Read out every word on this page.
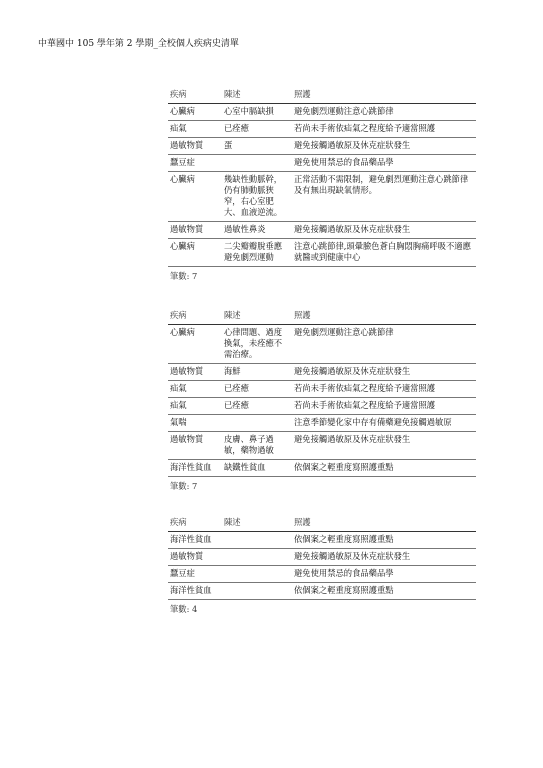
中華國中 105 學年第 2 學期_全校個人疾病史清單
疾病	陳述	照護
心臟病	心室中膈缺損	避免劇烈運動注意心跳節律
疝氣	已痊癒	若尚未手術依疝氣之程度給予適當照護
過敏物質	蛋	避免接觸過敏原及休克症狀發生
蠶豆症		避免使用禁忌的食品藥品學
心臟病	幾缺性動脈幹，仍有肺動脈狹窄，右心室肥大、血液逆流。	正常活動不需限制，避免劇烈運動注意心跳節律及有無出現缺氧情形。
過敏物質	過敏性鼻炎	避免接觸過敏原及休克症狀發生
心臟病	二尖瓣瓣脫垂應避免劇烈運動	注意心跳節律,頭暈臉色蒼白胸悶胸痛呼吸不適應就醫或到健康中心
筆數: 7		
疾病	陳述	照護
心臟病	心律問題、過度換氣，未痊癒不需治療。	避免劇烈運動注意心跳節律
過敏物質	海鮮	避免接觸過敏原及休克症狀發生
疝氣	已痊癒	若尚未手術依疝氣之程度給予適當照護
疝氣	已痊癒	若尚未手術依疝氣之程度給予適當照護
氣喘		注意季節變化家中存有備藥避免接觸過敏原
過敏物質	皮膚、鼻子過敏，藥物過敏	避免接觸過敏原及休克症狀發生
海洋性貧血	缺鐵性貧血	依個案之輕重度寫照護重點
筆數: 7		
疾病	陳述	照護
海洋性貧血		依個案之輕重度寫照護重點
過敏物質		避免接觸過敏原及休克症狀發生
蠶豆症		避免使用禁忌的食品藥品學
海洋性貧血		依個案之輕重度寫照護重點
筆數: 4		
